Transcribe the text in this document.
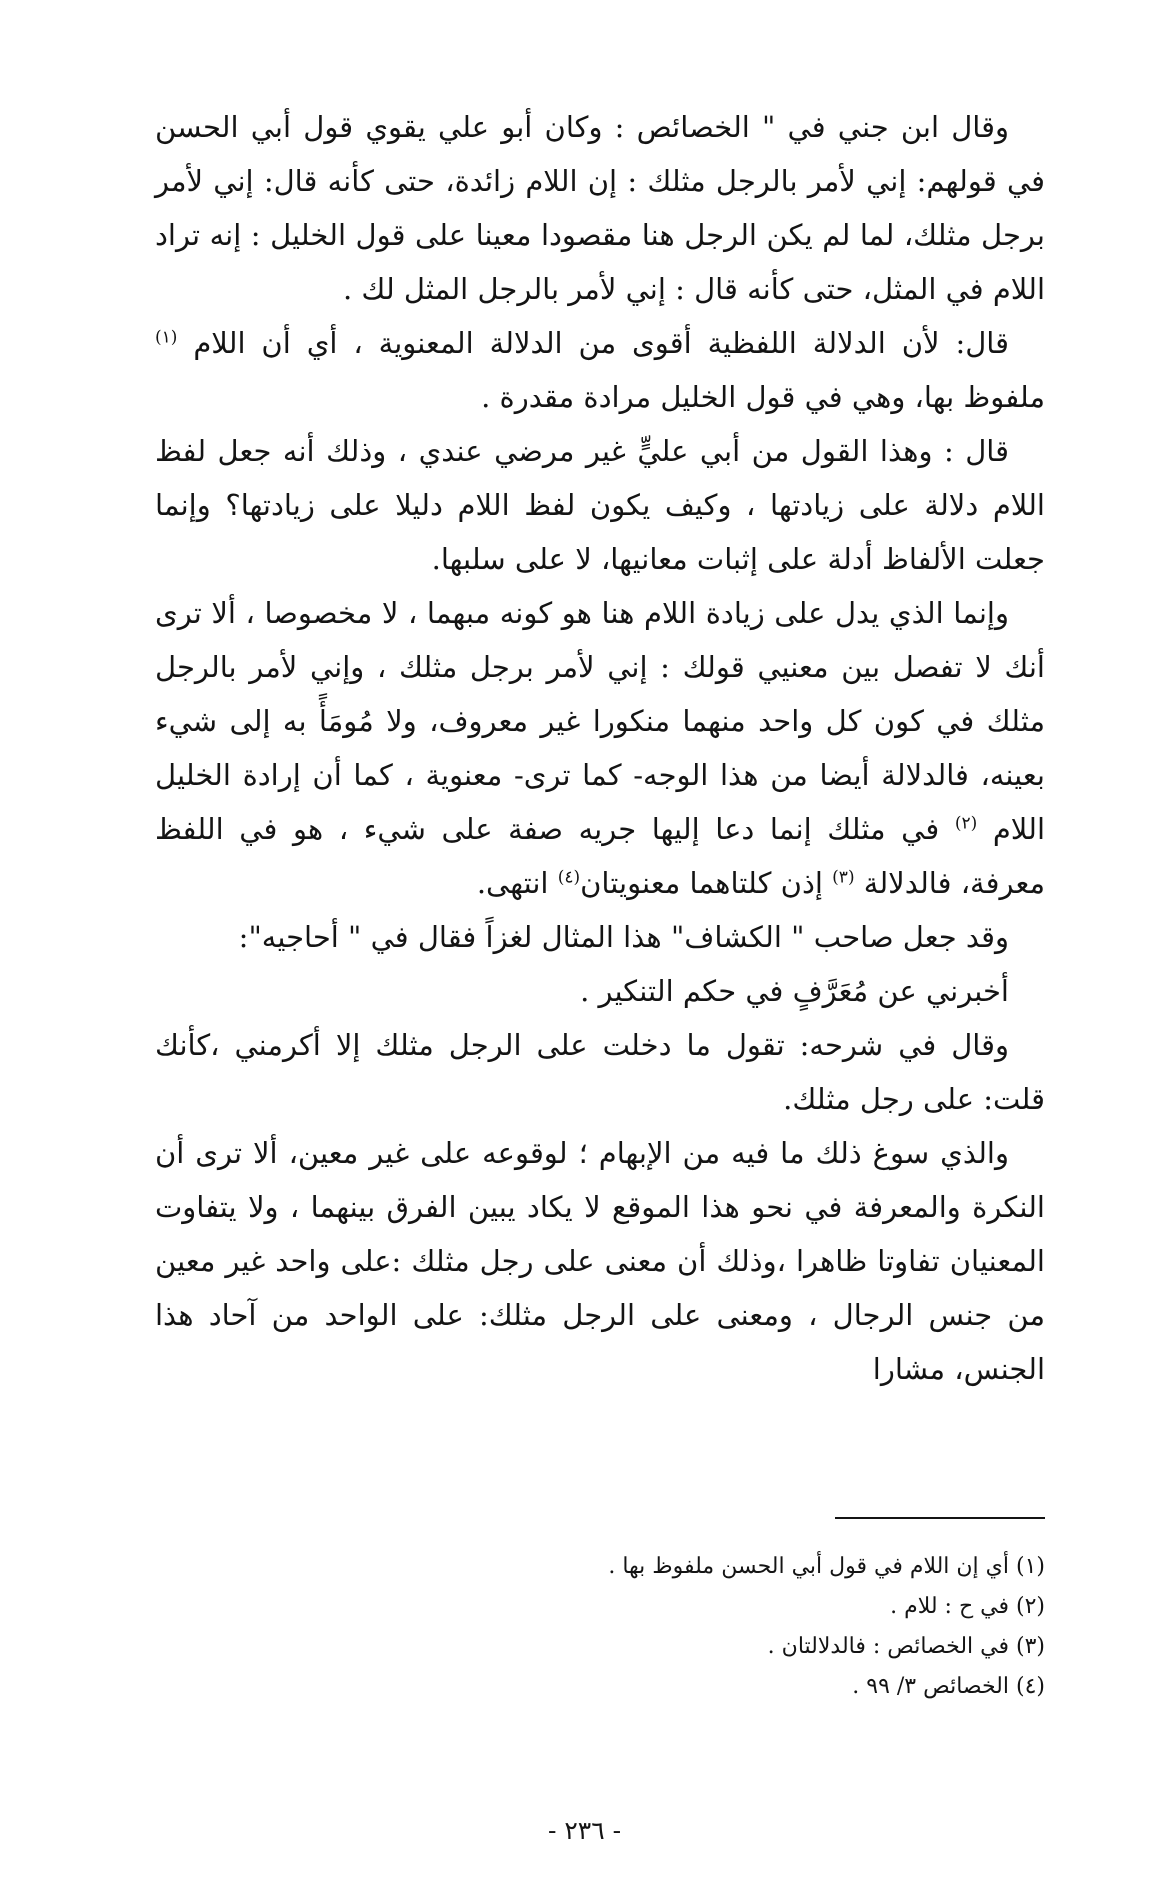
وقال ابن جني في " الخصائص : وكان أبو علي يقوي قول أبي الحسن في قولهم: إني لأمر بالرجل مثلك : إن اللام زائدة، حتى كأنه قال: إني لأمر برجل مثلك، لما لم يكن الرجل هنا مقصودا معينا على قول الخليل : إنه تراد اللام في المثل، حتى كأنه قال : إني لأمر بالرجل المثل لك .

قال: لأن الدلالة اللفظية أقوى من الدلالة المعنوية ، أي أن اللام $^{(١)}$ ملفوظ بها، وهي في قول الخليل مرادة مقدرة .

قال : وهذا القول من أبي عليٍّ غير مرضي عندي ، وذلك أنه جعل لفظ اللام دلالة على زيادتها ، وكيف يكون لفظ اللام دليلا على زيادتها؟ وإنما جعلت الألفاظ أدلة على إثبات معانيها، لا على سلبها.

وإنما الذي يدل على زيادة اللام هنا هو كونه مبهما ، لا مخصوصا ، ألا ترى أنك لا تفصل بين معنيي قولك : إني لأمر برجل مثلك ، وإني لأمر بالرجل مثلك في كون كل واحد منهما منكورا غير معروف، ولا مُومَأً به إلى شيء بعينه، فالدلالة أيضا من هذا الوجه- كما ترى- معنوية ، كما أن إرادة الخليل اللام $^{(٢)}$ في مثلك إنما دعا إليها جريه صفة على شيء ، هو في اللفظ معرفة، فالدلالة $^{(٣)}$ إذن كلتاهما معنويتان$^{(٤)}$ انتهى.

وقد جعل صاحب " الكشاف" هذا المثال لغزاً فقال في " أحاجيه":

أخبرني عن مُعَرَّفٍ في حكم التنكير .

وقال في شرحه: تقول ما دخلت على الرجل مثلك إلا أكرمني ،كأنك قلت: على رجل مثلك.

والذي سوغ ذلك ما فيه من الإبهام ؛ لوقوعه على غير معين، ألا ترى أن النكرة والمعرفة في نحو هذا الموقع لا يكاد يبين الفرق بينهما ، ولا يتفاوت المعنيان تفاوتا ظاهرا ،وذلك أن معنى على رجل مثلك :على واحد غير معين من جنس الرجال ، ومعنى على الرجل مثلك: على الواحد من آحاد هذا الجنس، مشارا

(١) أي إن اللام في قول أبي الحسن ملفوظ بها .

(٢) في ح : للام .

(٣) في الخصائص : فالدلالتان .

(٤) الخصائص ٣/ ٩٩ .

- ٢٣٦ -
